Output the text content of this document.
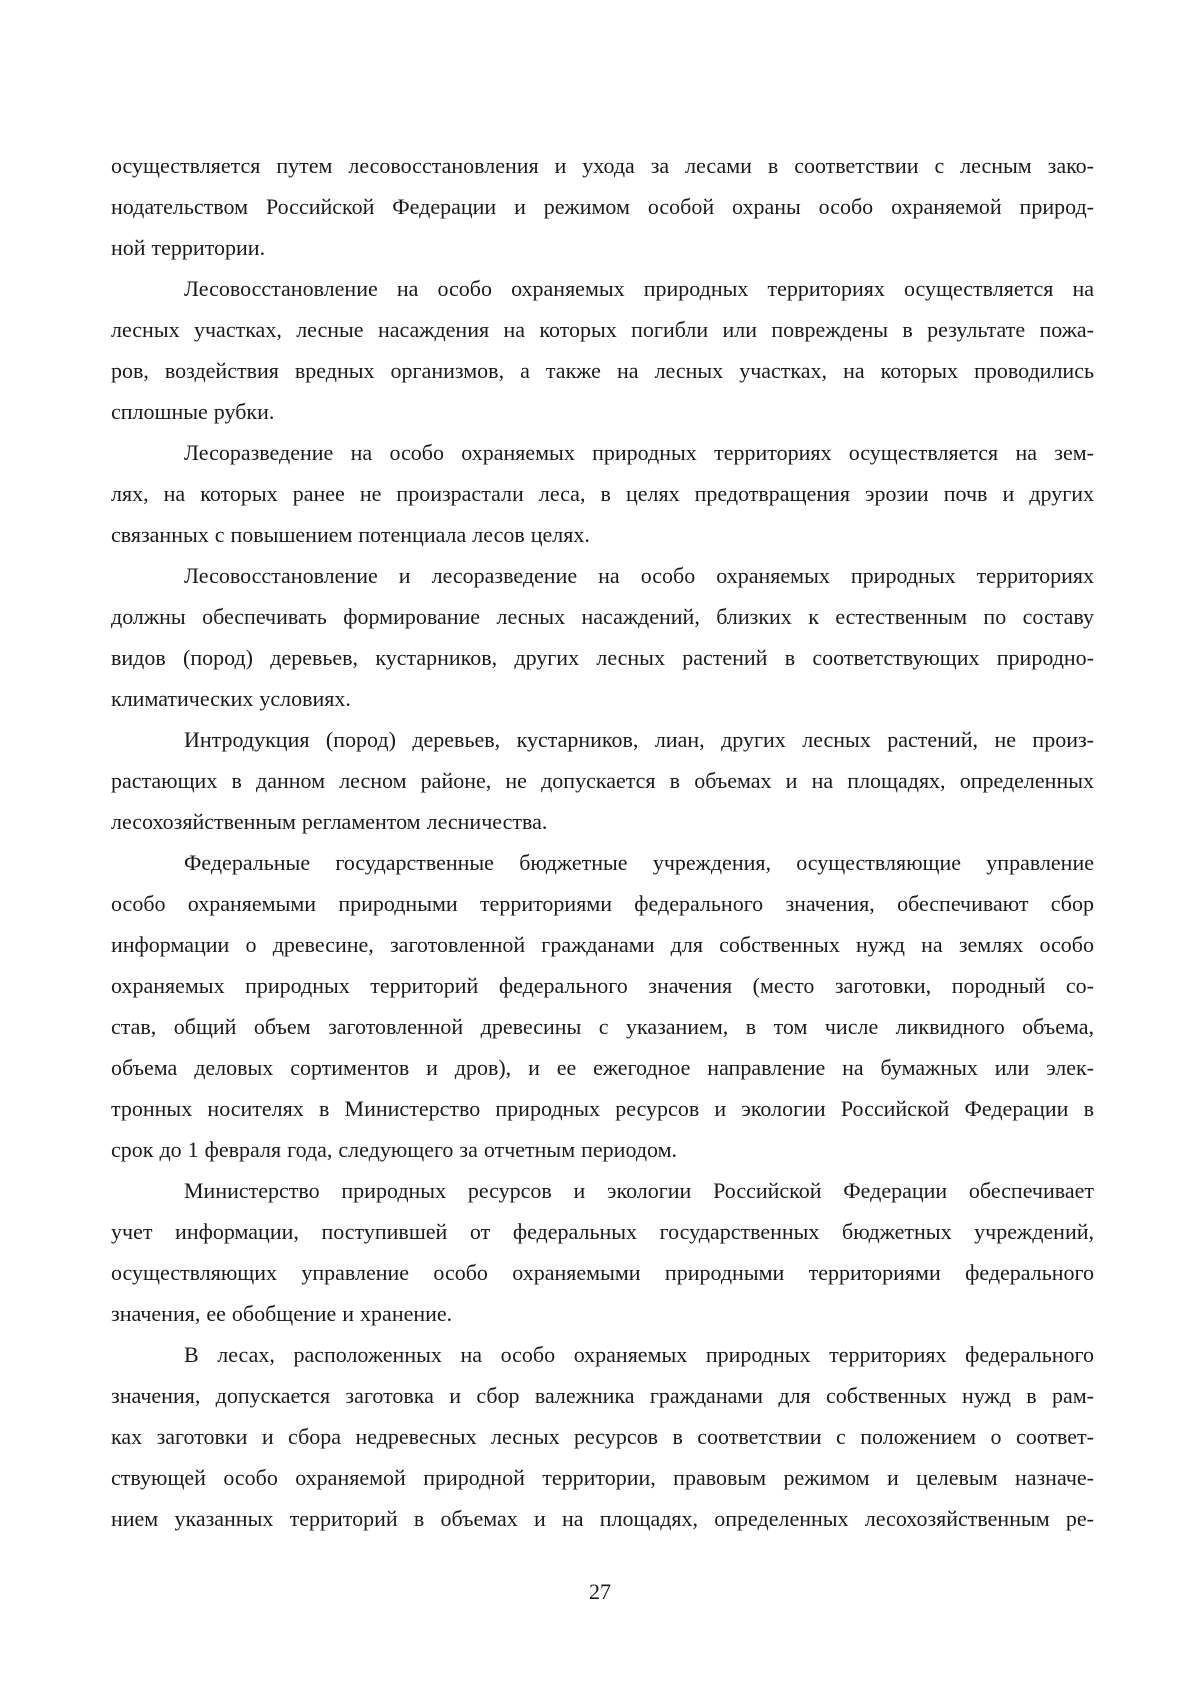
осуществляется путем лесовосстановления и ухода за лесами в соответствии с лесным зако-
нодательством Российской Федерации и режимом особой охраны особо охраняемой природ-
ной территории.
Лесовосстановление на особо охраняемых природных территориях осуществляется на
лесных участках, лесные насаждения на которых погибли или повреждены в результате пожа-
ров, воздействия вредных организмов, а также на лесных участках, на которых проводились
сплошные рубки.
Лесоразведение на особо охраняемых природных территориях осуществляется на зем-
лях, на которых ранее не произрастали леса, в целях предотвращения эрозии почв и других
связанных с повышением потенциала лесов целях.
Лесовосстановление и лесоразведение на особо охраняемых природных территориях
должны обеспечивать формирование лесных насаждений, близких к естественным по составу
видов (пород) деревьев, кустарников, других лесных растений в соответствующих природно-
климатических условиях.
Интродукция (пород) деревьев, кустарников, лиан, других лесных растений, не произ-
растающих в данном лесном районе, не допускается в объемах и на площадях, определенных
лесохозяйственным регламентом лесничества.
Федеральные государственные бюджетные учреждения, осуществляющие управление
особо охраняемыми природными территориями федерального значения, обеспечивают сбор
информации о древесине, заготовленной гражданами для собственных нужд на землях особо
охраняемых природных территорий федерального значения (место заготовки, породный со-
став, общий объем заготовленной древесины с указанием, в том числе ликвидного объема,
объема деловых сортиментов и дров), и ее ежегодное направление на бумажных или элек-
тронных носителях в Министерство природных ресурсов и экологии Российской Федерации в
срок до 1 февраля года, следующего за отчетным периодом.
Министерство природных ресурсов и экологии Российской Федерации обеспечивает
учет информации, поступившей от федеральных государственных бюджетных учреждений,
осуществляющих управление особо охраняемыми природными территориями федерального
значения, ее обобщение и хранение.
В лесах, расположенных на особо охраняемых природных территориях федерального
значения, допускается заготовка и сбор валежника гражданами для собственных нужд в рам-
ках заготовки и сбора недревесных лесных ресурсов в соответствии с положением о соответ-
ствующей особо охраняемой природной территории, правовым режимом и целевым назначе-
нием указанных территорий в объемах и на площадях, определенных лесохозяйственным ре-
27
